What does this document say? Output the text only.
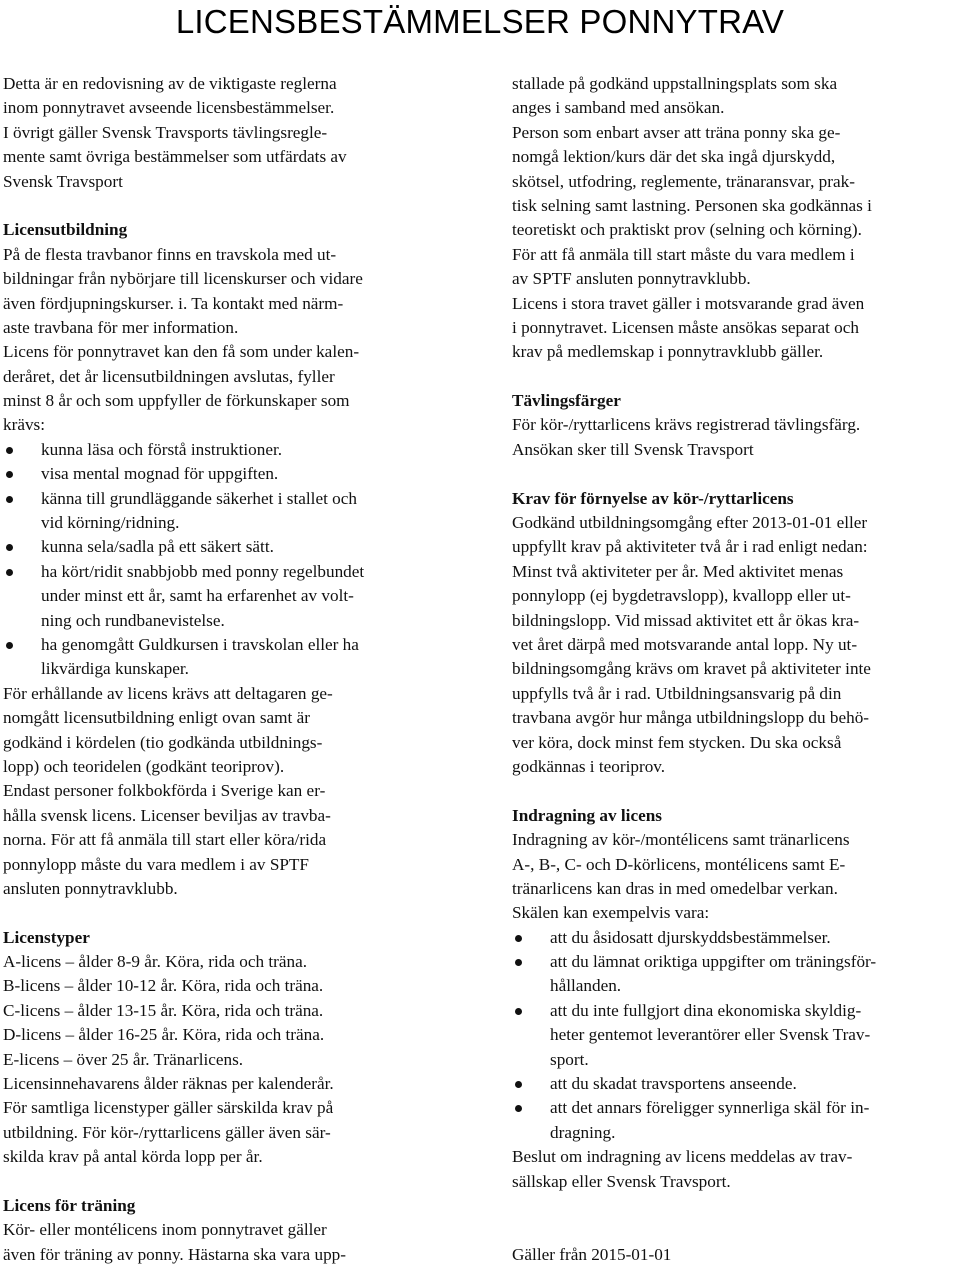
LICENSBESTÄMMELSER PONNYTRAV
Detta är en redovisning av de viktigaste reglerna
inom ponnytravet avseende licensbestämmelser.
I övrigt gäller Svensk Travsports tävlingsregle-
mente samt övriga bestämmelser som utfärdats av
Svensk Travsport
Licensutbildning
På de flesta travbanor finns en travskola med ut-
bildningar från nybörjare till licenskurser och vidare
även fördjupningskurser. i. Ta kontakt med närm-
aste travbana för mer information.
Licens för ponnytravet kan den få som under kalen-
deråret, det år licensutbildningen avslutas, fyller
minst 8 år och som uppfyller de förkunskaper som
krävs:
kunna läsa och förstå instruktioner.
visa mental mognad för uppgiften.
känna till grundläggande säkerhet i stallet och
vid körning/ridning.
kunna sela/sadla på ett säkert sätt.
ha kört/ridit snabbjobb med ponny regelbundet
under minst ett år, samt ha erfarenhet av volt-
ning och rundbanevistelse.
ha genomgått Guldkursen i travskolan eller ha
likvärdiga kunskaper.
För erhållande av licens krävs att deltagaren ge-
nomgått licensutbildning enligt ovan samt är
godkänd i kördelen (tio godkända utbildnings-
lopp) och teoridelen (godkänt teoriprov).
Endast personer folkbokförda i Sverige kan er-
hålla svensk licens. Licenser beviljas av travba-
norna. För att få anmäla till start eller köra/rida
ponnylopp måste du vara medlem i av SPTF
ansluten ponnytravklubb.
Licenstyper
A-licens – ålder 8-9 år. Köra, rida och träna.
B-licens – ålder 10-12 år. Köra, rida och träna.
C-licens – ålder 13-15 år. Köra, rida och träna.
D-licens – ålder 16-25 år. Köra, rida och träna.
E-licens – över 25 år. Tränarlicens.
Licensinnehavarens ålder räknas per kalenderår.
För samtliga licenstyper gäller särskilda krav på
utbildning. För kör-/ryttarlicens gäller även sär-
skilda krav på antal körda lopp per år.
Licens för träning
Kör- eller montélicens inom ponnytravet gäller
även för träning av ponny. Hästarna ska vara upp-
stallade på godkänd uppstallningsplats som ska
anges i samband med ansökan.
Person som enbart avser att träna ponny ska ge-
nomgå lektion/kurs där det ska ingå djurskydd,
skötsel, utfodring, reglemente, tränaransvar, prak-
tisk selning samt lastning. Personen ska godkännas i
teoretiskt och praktiskt prov (selning och körning).
För att få anmäla till start måste du vara medlem i
av SPTF ansluten ponnytravklubb.
Licens i stora travet gäller i motsvarande grad även
i ponnytravet. Licensen måste ansökas separat och
krav på medlemskap i ponnytravklubb gäller.
Tävlingsfärger
För kör-/ryttarlicens krävs registrerad tävlingsfärg.
Ansökan sker till Svensk Travsport
Krav för förnyelse av kör-/ryttarlicens
Godkänd utbildningsomgång efter 2013-01-01 eller
uppfyllt krav på aktiviteter två år i rad enligt nedan:
Minst två aktiviteter per år. Med aktivitet menas
ponnylopp (ej bygdetravslopp), kvallopp eller ut-
bildningslopp. Vid missad aktivitet ett år ökas kra-
vet året därpå med motsvarande antal lopp. Ny ut-
bildningsomgång krävs om kravet på aktiviteter inte
uppfylls två år i rad. Utbildningsansvarig på din
travbana avgör hur många utbildningslopp du behö-
ver köra, dock minst fem stycken. Du ska också
godkännas i teoriprov.
Indragning av licens
Indragning av kör-/montélicens samt tränarlicens
A-, B-, C- och D-körlicens, montélicens samt E-
tränarlicens kan dras in med omedelbar verkan.
Skälen kan exempelvis vara:
att du åsidosatt djurskyddsbestämmelser.
att du lämnat oriktiga uppgifter om träningsför-
hållanden.
att du inte fullgjort dina ekonomiska skyldig-
heter gentemot leverantörer eller Svensk Trav-
sport.
att du skadat travsportens anseende.
att det annars föreligger synnerliga skäl för in-
dragning.
Beslut om indragning av licens meddelas av trav-
sällskap eller Svensk Travsport.
Gäller från 2015-01-01
